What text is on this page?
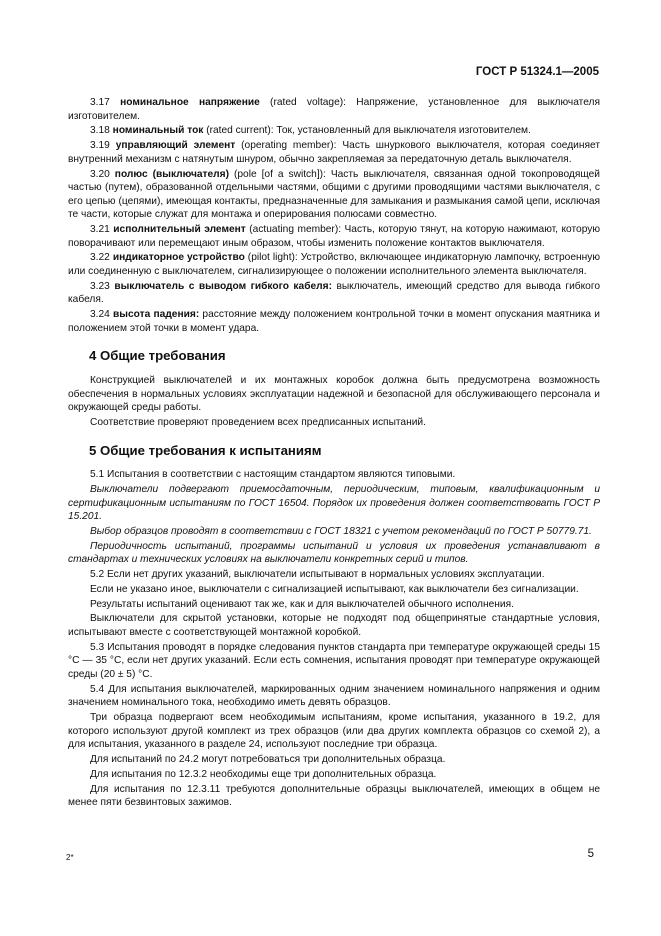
ГОСТ Р 51324.1—2005

3.17 номинальное напряжение (rated voltage): Напряжение, установленное для выключателя изготовителем.

3.18 номинальный ток (rated current): Ток, установленный для выключателя изготовителем.

3.19 управляющий элемент (operating member): Часть шнуркового выключателя, которая соединяет внутренний механизм с натянутым шнуром, обычно закрепляемая за передаточную деталь выключателя.

3.20 полюс (выключателя) (pole [of a switch]): Часть выключателя, связанная одной токопроводящей частью (путем), образованной отдельными частями, общими с другими проводящими частями выключателя, с его цепью (цепями), имеющая контакты, предназначенные для замыкания и размыкания самой цепи, исключая те части, которые служат для монтажа и оперирования полюсами совместно.

3.21 исполнительный элемент (actuating member): Часть, которую тянут, на которую нажимают, которую поворачивают или перемещают иным образом, чтобы изменить положение контактов выключателя.

3.22 индикаторное устройство (pilot light): Устройство, включающее индикаторную лампочку, встроенную или соединенную с выключателем, сигнализирующее о положении исполнительного элемента выключателя.

3.23 выключатель с выводом гибкого кабеля: выключатель, имеющий средство для вывода гибкого кабеля.

3.24 высота падения: расстояние между положением контрольной точки в момент опускания маятника и положением этой точки в момент удара.

4 Общие требования

Конструкцией выключателей и их монтажных коробок должна быть предусмотрена возможность обеспечения в нормальных условиях эксплуатации надежной и безопасной для обслуживающего персонала и окружающей среды работы.

Соответствие проверяют проведением всех предписанных испытаний.

5 Общие требования к испытаниям

5.1 Испытания в соответствии с настоящим стандартом являются типовыми.

Выключатели подвергают приемосдаточным, периодическим, типовым, квалификационным и сертификационным испытаниям по ГОСТ 16504. Порядок их проведения должен соответствовать ГОСТ Р 15.201.

Выбор образцов проводят в соответствии с ГОСТ 18321 с учетом рекомендаций по ГОСТ Р 50779.71.

Периодичность испытаний, программы испытаний и условия их проведения устанавливают в стандартах и технических условиях на выключатели конкретных серий и типов.

5.2 Если нет других указаний, выключатели испытывают в нормальных условиях эксплуатации.

Если не указано иное, выключатели с сигнализацией испытывают, как выключатели без сигнализации.

Результаты испытаний оценивают так же, как и для выключателей обычного исполнения.

Выключатели для скрытой установки, которые не подходят под общепринятые стандартные условия, испытывают вместе с соответствующей монтажной коробкой.

5.3 Испытания проводят в порядке следования пунктов стандарта при температуре окружающей среды 15 °С — 35 °С, если нет других указаний. Если есть сомнения, испытания проводят при температуре окружающей среды (20 ± 5) °С.

5.4 Для испытания выключателей, маркированных одним значением номинального напряжения и одним значением номинального тока, необходимо иметь девять образцов.

Три образца подвергают всем необходимым испытаниям, кроме испытания, указанного в 19.2, для которого используют другой комплект из трех образцов (или два других комплекта образцов со схемой 2), а для испытания, указанного в разделе 24, используют последние три образца.

Для испытаний по 24.2 могут потребоваться три дополнительных образца.

Для испытания по 12.3.2 необходимы еще три дополнительных образца.

Для испытания по 12.3.11 требуются дополнительные образцы выключателей, имеющих в общем не менее пяти безвинтовых зажимов.

2*	5
